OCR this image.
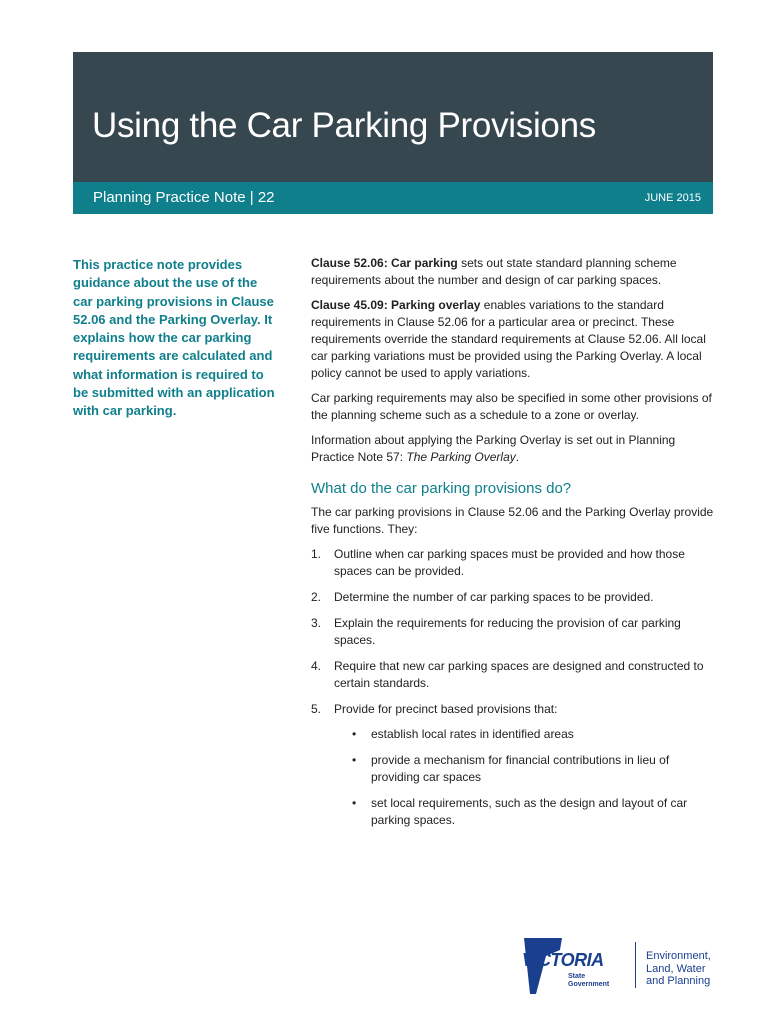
Using the Car Parking Provisions
Planning Practice Note | 22	JUNE 2015

This practice note provides guidance about the use of the car parking provisions in Clause 52.06 and the Parking Overlay. It explains how the car parking requirements are calculated and what information is required to be submitted with an application with car parking.

Clause 52.06: Car parking sets out state standard planning scheme requirements about the number and design of car parking spaces.

Clause 45.09: Parking overlay enables variations to the standard requirements in Clause 52.06 for a particular area or precinct. These requirements override the standard requirements at Clause 52.06. All local car parking variations must be provided using the Parking Overlay. A local policy cannot be used to apply variations.

Car parking requirements may also be specified in some other provisions of the planning scheme such as a schedule to a zone or overlay.

Information about applying the Parking Overlay is set out in Planning Practice Note 57: The Parking Overlay.

What do the car parking provisions do?

The car parking provisions in Clause 52.06 and the Parking Overlay provide five functions. They:

1. Outline when car parking spaces must be provided and how those spaces can be provided.
2. Determine the number of car parking spaces to be provided.
3. Explain the requirements for reducing the provision of car parking spaces.
4. Require that new car parking spaces are designed and constructed to certain standards.
5. Provide for precinct based provisions that:
• establish local rates in identified areas
• provide a mechanism for financial contributions in lieu of providing car spaces
• set local requirements, such as the design and layout of car parking spaces.
VICTORIA
State
Government
Environment,
Land, Water
and Planning
